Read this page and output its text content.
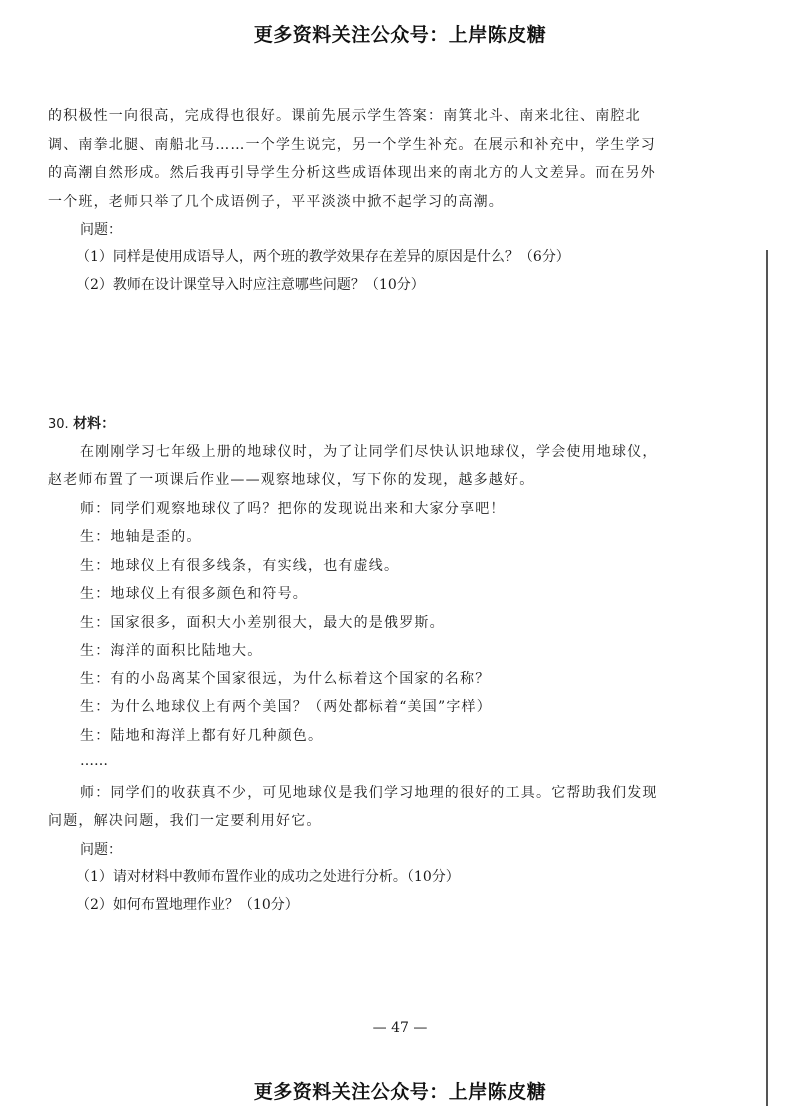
更多资料关注公众号：上岸陈皮糖
的积极性一向很高，完成得也很好。课前先展示学生答案：南箕北斗、南来北往、南腔北
调、南拳北腿、南船北马……一个学生说完，另一个学生补充。在展示和补充中，学生学习
的高潮自然形成。然后我再引导学生分析这些成语体现出来的南北方的人文差异。而在另外
一个班，老师只举了几个成语例子，平平淡淡中掀不起学习的高潮。
问题：
（1）同样是使用成语导人，两个班的教学效果存在差异的原因是什么？（6分）
（2）教师在设计课堂导入时应注意哪些问题？（10分）
30. 材料：
在刚刚学习七年级上册的地球仪时，为了让同学们尽快认识地球仪，学会使用地球仪，
赵老师布置了一项课后作业——观察地球仪，写下你的发现，越多越好。
师：同学们观察地球仪了吗？把你的发现说出来和大家分享吧！
生：地轴是歪的。
生：地球仪上有很多线条，有实线，也有虚线。
生：地球仪上有很多颜色和符号。
生：国家很多，面积大小差别很大，最大的是俄罗斯。
生：海洋的面积比陆地大。
生：有的小岛离某个国家很远，为什么标着这个国家的名称？
生：为什么地球仪上有两个美国？（两处都标着“美国”字样）
生：陆地和海洋上都有好几种颜色。
……
师：同学们的收获真不少，可见地球仪是我们学习地理的很好的工具。它帮助我们发现
问题，解决问题，我们一定要利用好它。
问题：
（1）请对材料中教师布置作业的成功之处进行分析。（10分）
（2）如何布置地理作业？（10分）
— 47 —
更多资料关注公众号：上岸陈皮糖
